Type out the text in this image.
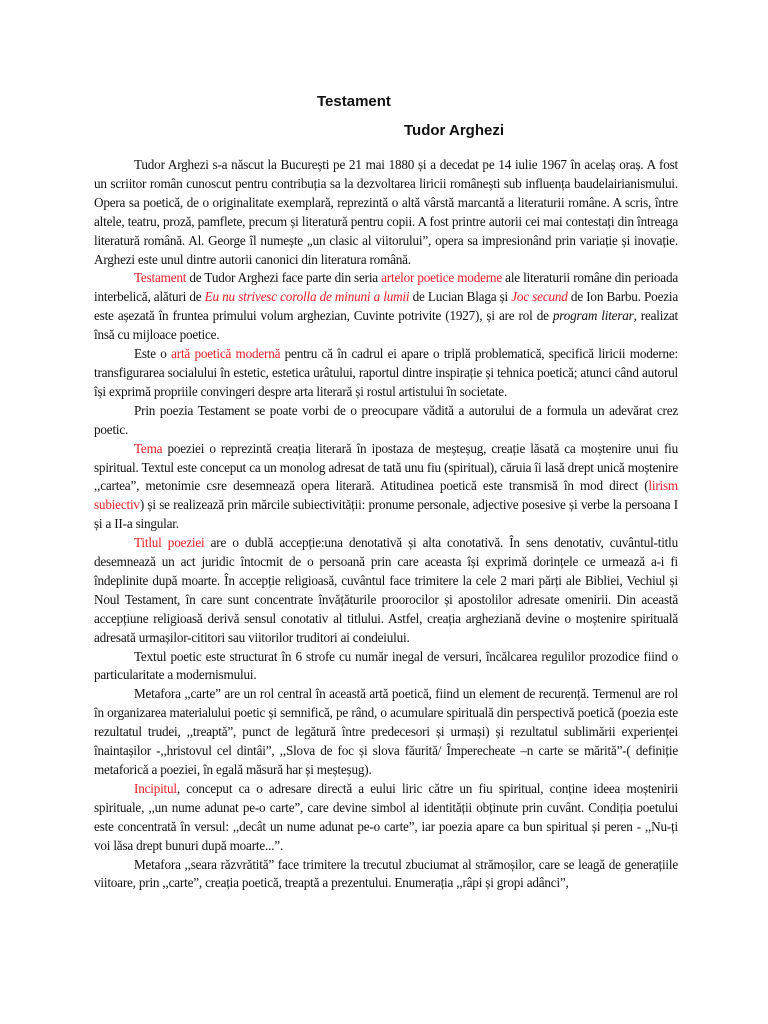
Testament
Tudor Arghezi

Tudor Arghezi s-a născut la București pe 21 mai 1880 și a decedat pe 14 iulie 1967 în acelaș oraș. A fost un scriitor român cunoscut pentru contribuția sa la dezvoltarea liricii românești sub influența baudelairianismului. Opera sa poetică, de o originalitate exemplară, reprezintă o altă vârstă marcantă a literaturii române. A scris, între altele, teatru, proză, pamflete, precum și literatură pentru copii. A fost printre autorii cei mai contestați din întreaga literatură română. Al. George îl numește „un clasic al viitorului”, opera sa impresionând prin variație și inovație. Arghezi este unul dintre autorii canonici din literatura română.

Testament de Tudor Arghezi face parte din seria artelor poetice moderne ale literaturii române din perioada interbelică, alături de Eu nu strivesc corolla de minuni a lumii de Lucian Blaga și Joc secund de Ion Barbu. Poezia este așezată în fruntea primului volum arghezian, Cuvinte potrivite (1927), și are rol de program literar, realizat însă cu mijloace poetice.

Este o artă poetică modernă pentru că în cadrul ei apare o triplă problematică, specifică liricii moderne: transfigurarea socialului în estetic, estetica urâtului, raportul dintre inspirație și tehnica poetică; atunci când autorul își exprimă propriile convingeri despre arta literară și rostul artistului în societate.

Prin poezia Testament se poate vorbi de o preocupare vădită a autorului de a formula un adevărat crez poetic.

Tema poeziei o reprezintă creația literară în ipostaza de meșteșug, creație lăsată ca moștenire unui fiu spiritual. Textul este conceput ca un monolog adresat de tată unu fiu (spiritual), căruia îi lasă drept unică moștenire ,,cartea”, metonimie csre desemnează opera literară. Atitudinea poetică este transmisă în mod direct (lirism subiectiv) și se realizează prin mărcile subiectivității: pronume personale, adjective posesive și verbe la persoana I și a II-a singular.

Titlul poeziei are o dublă accepție:una denotativă și alta conotativă. În sens denotativ, cuvântul-titlu desemnează un act juridic întocmit de o persoană prin care aceasta își exprimă dorințele ce urmează a-i fi îndeplinite după moarte. În accepție religioasă, cuvântul face trimitere la cele 2 mari părți ale Bibliei, Vechiul și Noul Testament, în care sunt concentrate învățăturile proorocilor și apostolilor adresate omenirii. Din această accepțiune religioasă derivă sensul conotativ al titlului. Astfel, creația argheziană devine o moștenire spirituală adresată urmașilor-cititori sau viitorilor truditori ai condeiului.

Textul poetic este structurat în 6 strofe cu număr inegal de versuri, încălcarea regulilor prozodice fiind o particularitate a modernismului.

Metafora ,,carte” are un rol central în această artă poetică, fiind un element de recurență. Termenul are rol în organizarea materialului poetic și semnifică, pe rând, o acumulare spirituală din perspectivă poetică (poezia este rezultatul trudei, ,,treaptă”, punct de legătură între predecesori și urmași) și rezultatul sublimării experienței înaintașilor -,,hristovul cel dintâi”, ,,Slova de foc și slova făurită/ Împerecheate –n carte se mărită”-( definiție metaforică a poeziei, în egală măsură har și meșteșug).

Incipitul, conceput ca o adresare directă a eului liric către un fiu spiritual, conține ideea moștenirii spirituale, ,,un nume adunat pe-o carte”, care devine simbol al identității obținute prin cuvânt. Condiția poetului este concentrată în versul: ,,decât un nume adunat pe-o carte”, iar poezia apare ca bun spiritual și peren - ,,Nu-ți voi lăsa drept bunuri după moarte...”.

Metafora ,,seara răzvrătită” face trimitere la trecutul zbuciumat al strămoșilor, care se leagă de generațiile viitoare, prin ,,carte”, creația poetică, treaptă a prezentului. Enumerația ,,râpi și gropi adânci”,
